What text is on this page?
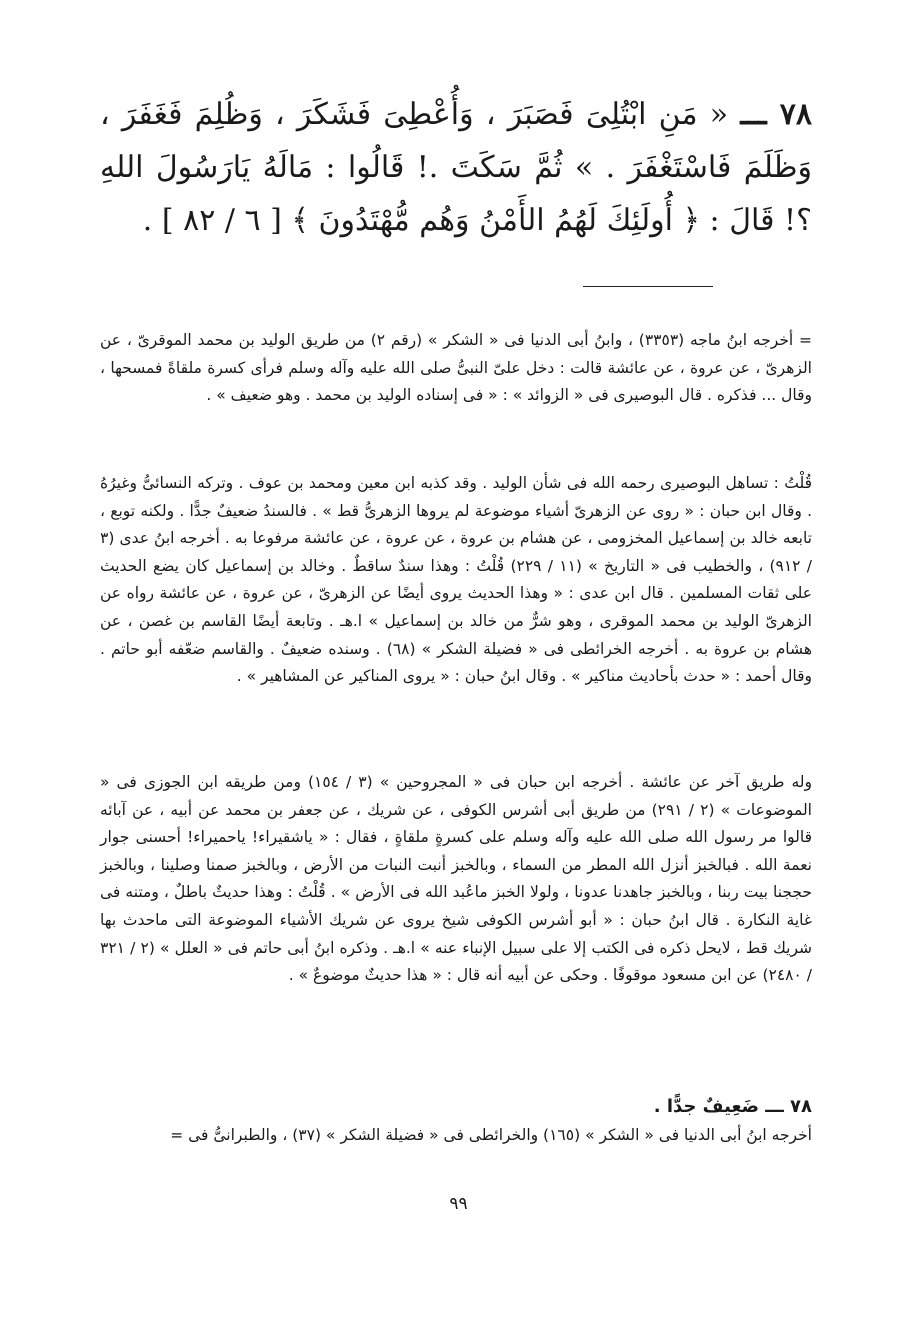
٧٨ ـــ « مَنِ ابْتُلِىَ فَصَبَرَ ، وَأُعْطِىَ فَشَكَرَ ، وَظُلِمَ فَغَفَرَ ، وَظَلَمَ فَاسْتَغْفَرَ . » ثُمَّ سَكَتَ .! قَالُوا : مَالَهُ يَارَسُولَ اللهِ ؟! قَالَ : ﴿ أُولَئِكَ لَهُمُ الأَمْنُ وَهُم مُّهْتَدُونَ ﴾ [ ٦ / ٨٢ ] .

= أخرجه ابنُ ماجه (٣٣٥٣) ، وابنُ أبى الدنيا فى « الشكر » (رقم ٢) من طريق الوليد بن محمد الموقرىّ ، عن الزهرىّ ، عن عروة ، عن عائشة قالت : دخل علىّ النبىُّ صلى الله عليه وآله وسلم فرأى كسرة ملقاةً فمسحها ، وقال ... فذكره . قال البوصيرى فى « الزوائد » : « فى إسناده الوليد بن محمد . وهو ضعيف » .

قُلْتُ : تساهل البوصيرى رحمه الله فى شأن الوليد . وقد كذبه ابن معين ومحمد بن عوف . وتركه النسائىُّ وغيرُهُ . وقال ابن حبان : « روى عن الزهرىّ أشياء موضوعة لم يروها الزهرىُّ قط » . فالسندُ ضعيفٌ جدًّا . ولكنه توبع ، تابعه خالد بن إسماعيل المخزومى ، عن هشام بن عروة ، عن عروة ، عن عائشة مرفوعا به . أخرجه ابنُ عدى (٣ / ٩١٢) ، والخطيب فى « التاريخ » (١١ / ٢٢٩) قُلْتُ : وهذا سندٌ ساقطٌ . وخالد بن إسماعيل كان يضع الحديث على ثقات المسلمين . قال ابن عدى : « وهذا الحديث يروى أيضًا عن الزهرىّ ، عن عروة ، عن عائشة رواه عن الزهرىّ الوليد بن محمد الموقرى ، وهو شرٌّ من خالد بن إسماعيل » ا.هـ . وتابعة أيضًا القاسم بن غصن ، عن هشام بن عروة به . أخرجه الخرائطى فى « فضيلة الشكر » (٦٨) . وسنده ضعيفٌ . والقاسم ضعّفه أبو حاتم . وقال أحمد : « حدث بأحاديث مناكير » . وقال ابنُ حبان : « يروى المناكير عن المشاهير » .

وله طريق آخر عن عائشة . أخرجه ابن حبان فى « المجروحين » (٣ / ١٥٤) ومن طريقه ابن الجوزى فى « الموضوعات » (٢ / ٢٩١) من طريق أبى أشرس الكوفى ، عن شريك ، عن جعفر بن محمد عن أبيه ، عن آبائه قالوا مر رسول الله صلى الله عليه وآله وسلم على كسرةٍ ملقاةٍ ، فقال : « ياشقيراء! ياحميراء! أحسنى جوار نعمة الله . فبالخبز أنزل الله المطر من السماء ، وبالخبز أنبت النبات من الأرض ، وبالخبز صمنا وصلينا ، وبالخبز حججنا بيت ربنا ، وبالخبز جاهدنا عدونا ، ولولا الخبز ماعُبد الله فى الأرض » . قُلْتُ : وهذا حديثٌ باطلٌ ، ومتنه فى غاية النكارة . قال ابنُ حبان : « أبو أشرس الكوفى شيخ يروى عن شريك الأشياء الموضوعة التى ماحدث بها شريك قط ، لايحل ذكره فى الكتب إلا على سبيل الإنباء عنه » ا.هـ . وذكره ابنُ أبى حاتم فى « العلل » (٢ / ٣٢١ / ٢٤٨٠) عن ابن مسعود موقوفًا . وحكى عن أبيه أنه قال : « هذا حديثٌ موضوعٌ » .

٧٨ ـــ ضَعِيفٌ جدًّا .

أخرجه ابنُ أبى الدنيا فى « الشكر » (١٦٥) والخرائطى فى « فضيلة الشكر » (٣٧) ، والطبرانىُّ فى =

٩٩
